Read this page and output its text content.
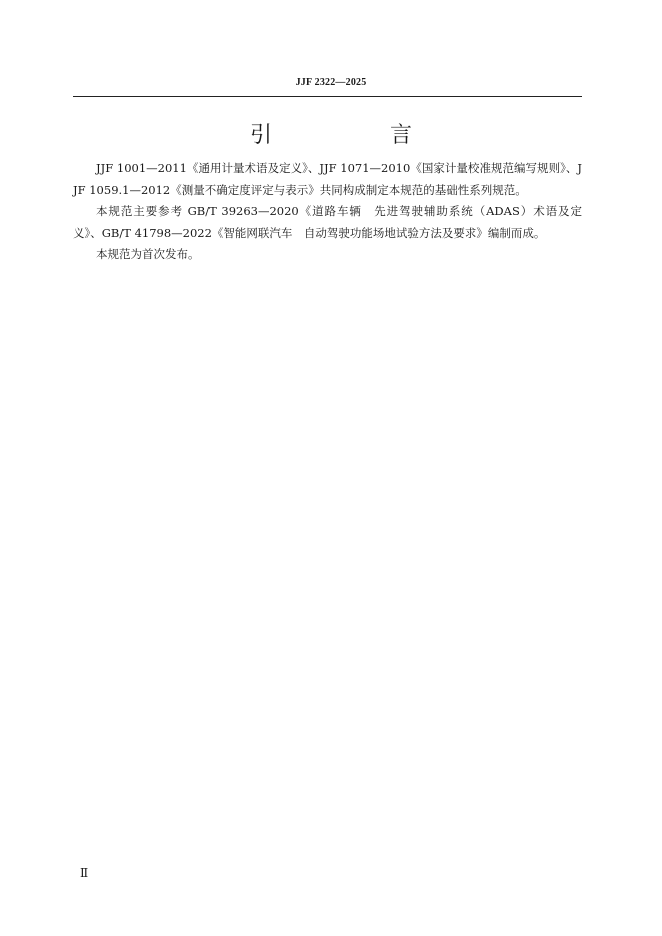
JJF 2322—2025
引　言

JJF 1001—2011《通用计量术语及定义》、JJF 1071—2010《国家计量校准规范编写规则》、JJF 1059.1—2012《测量不确定度评定与表示》共同构成制定本规范的基础性系列规范。

本规范主要参考 GB/T 39263—2020《道路车辆　先进驾驶辅助系统（ADAS）术语及定义》、GB/T 41798—2022《智能网联汽车　自动驾驶功能场地试验方法及要求》编制而成。

本规范为首次发布。

Ⅱ
